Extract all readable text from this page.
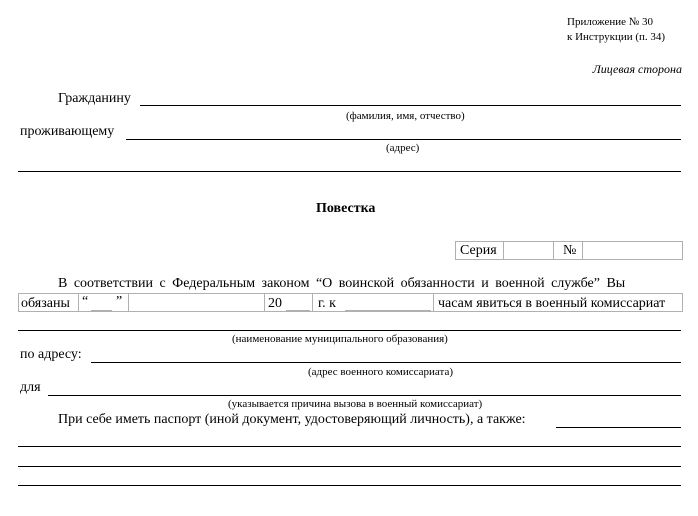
Приложение № 30
к Инструкции (п. 34)
Лицевая сторона
Гражданину
(фамилия, имя, отчество)
проживающему
(адрес)
Повестка
Серия	№
В соответствии с Федеральным законом “О воинской обязанности и военной службе” Вы
обязаны “ ”	20	г. к	часам явиться в военный комиссариат
(наименование муниципального образования)
по адресу:
(адрес военного комиссариата)
для
(указывается причина вызова в военный комиссариат)
При себе иметь паспорт (иной документ, удостоверяющий личность), а также:
